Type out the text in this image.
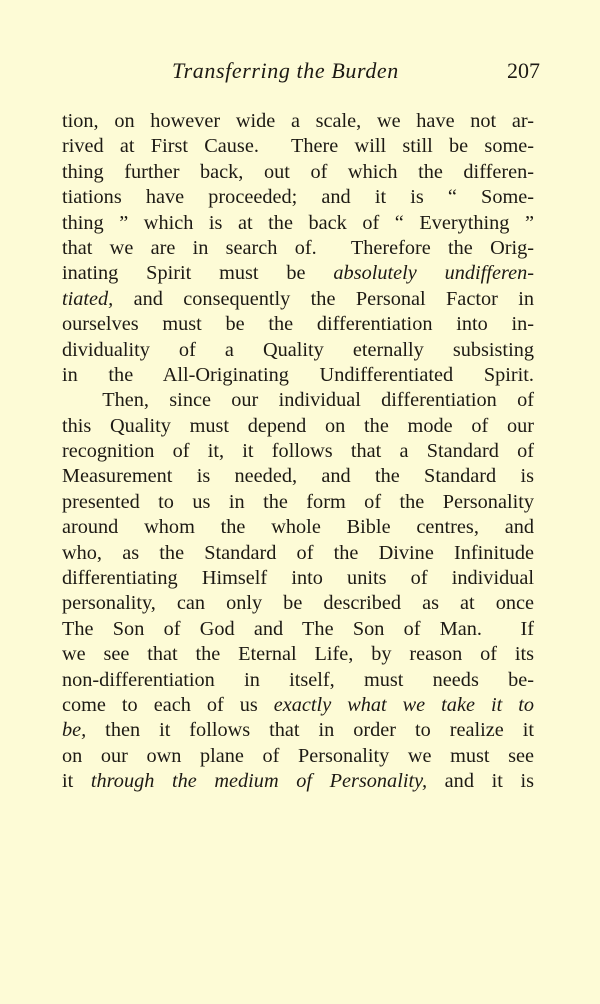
Transferring the Burden	207
tion, on however wide a scale, we have not ar-
rived at First Cause.  There will still be some-
thing further back, out of which the differen-
tiations have proceeded; and it is “ Some-
thing ” which is at the back of “ Everything ”
that we are in search of.  Therefore the Orig-
inating Spirit must be absolutely undifferen-
tiated, and consequently the Personal Factor in
ourselves must be the differentiation into in-
dividuality of a Quality eternally subsisting
in the All-Originating Undifferentiated Spirit.
Then, since our individual differentiation of
this Quality must depend on the mode of our
recognition of it, it follows that a Standard of
Measurement is needed, and the Standard is
presented to us in the form of the Personality
around whom the whole Bible centres, and
who, as the Standard of the Divine Infinitude
differentiating Himself into units of individual
personality, can only be described as at once
The Son of God and The Son of Man.  If
we see that the Eternal Life, by reason of its
non-differentiation in itself, must needs be-
come to each of us exactly what we take it to
be, then it follows that in order to realize it
on our own plane of Personality we must see
it through the medium of Personality, and it is
